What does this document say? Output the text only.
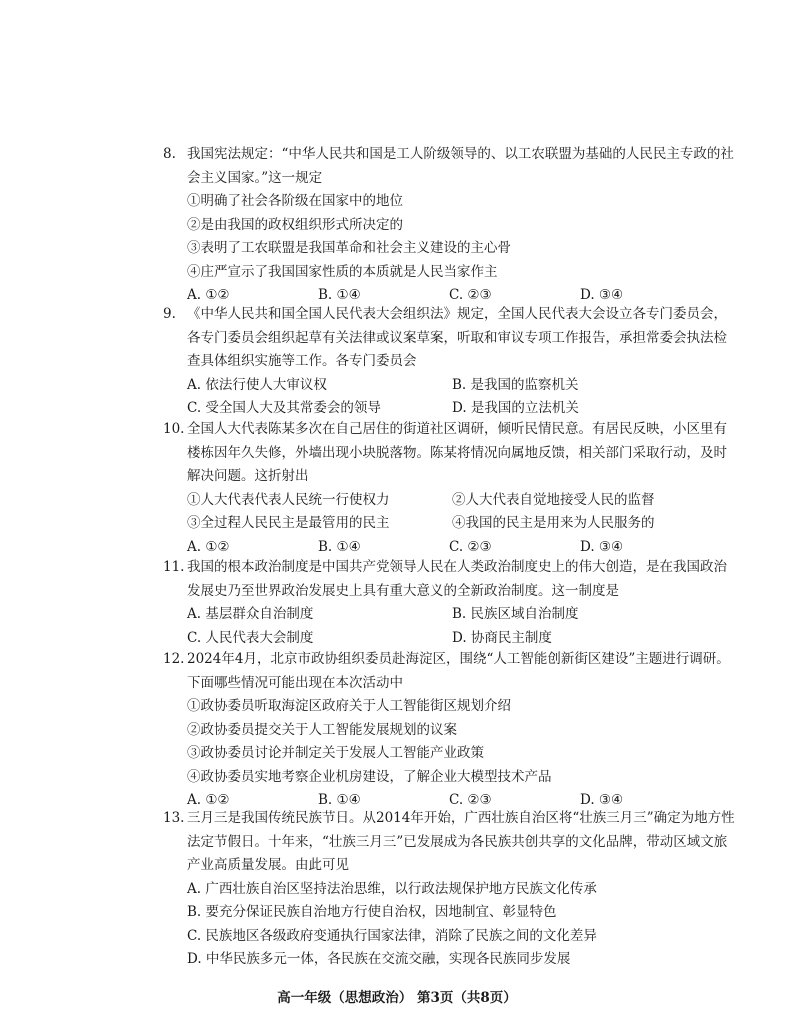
8. 我国宪法规定：“中华人民共和国是工人阶级领导的、以工农联盟为基础的人民民主专政的社会主义国家。”这一规定
①明确了社会各阶级在国家中的地位
②是由我国的政权组织形式所决定的
③表明了工农联盟是我国革命和社会主义建设的主心骨
④庄严宣示了我国国家性质的本质就是人民当家作主
A. ①②	B. ①④	C. ②③	D. ③④
9. 《中华人民共和国全国人民代表大会组织法》规定，全国人民代表大会设立各专门委员会，各专门委员会组织起草有关法律或议案草案，听取和审议专项工作报告，承担常委会执法检查具体组织实施等工作。各专门委员会
A. 依法行使人大审议权	B. 是我国的监察机关
C. 受全国人大及其常委会的领导	D. 是我国的立法机关
10. 全国人大代表陈某多次在自己居住的街道社区调研，倾听民情民意。有居民反映，小区里有楼栋因年久失修，外墙出现小块脱落物。陈某将情况向属地反馈，相关部门采取行动，及时解决问题。这折射出
①人大代表代表人民统一行使权力	②人大代表自觉地接受人民的监督
③全过程人民民主是最管用的民主	④我国的民主是用来为人民服务的
A. ①②	B. ①④	C. ②③	D. ③④
11. 我国的根本政治制度是中国共产党领导人民在人类政治制度史上的伟大创造，是在我国政治发展史乃至世界政治发展史上具有重大意义的全新政治制度。这一制度是
A. 基层群众自治制度	B. 民族区域自治制度
C. 人民代表大会制度	D. 协商民主制度
12. 2024年4月，北京市政协组织委员赴海淀区，围绕“人工智能创新街区建设”主题进行调研。下面哪些情况可能出现在本次活动中
①政协委员听取海淀区政府关于人工智能街区规划介绍
②政协委员提交关于人工智能发展规划的议案
③政协委员讨论并制定关于发展人工智能产业政策
④政协委员实地考察企业机房建设，了解企业大模型技术产品
A. ①②	B. ①④	C. ②③	D. ③④
13. 三月三是我国传统民族节日。从2014年开始，广西壮族自治区将“壮族三月三”确定为地方性法定节假日。十年来，“壮族三月三”已发展成为各民族共创共享的文化品牌，带动区域文旅产业高质量发展。由此可见
A. 广西壮族自治区坚持法治思维，以行政法规保护地方民族文化传承
B. 要充分保证民族自治地方行使自治权，因地制宜、彰显特色
C. 民族地区各级政府变通执行国家法律，消除了民族之间的文化差异
D. 中华民族多元一体，各民族在交流交融，实现各民族同步发展
高一年级（思想政治） 第3页（共8页）
